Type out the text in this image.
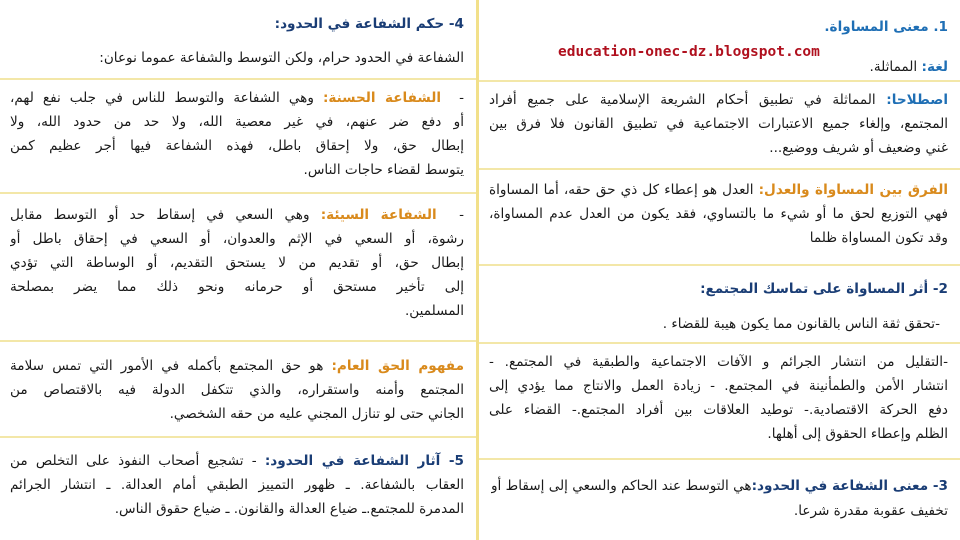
1. معنى المساواة.
لغة: المماثلة.
اصطلاحا: المماثلة في تطبيق أحكام الشريعة الإسلامية على جميع أفراد
المجتمع، وإلغاء جميع الاعتبارات الاجتماعية في تطبيق القانون فلا فرق بين
غني وضعيف أو شريف ووضيع...
الفرق بين المساواة والعدل: العدل هو إعطاء كل ذي حق حقه، أما المساواة
فهي التوزيع لحق ما أو شيء ما بالتساوي، فقد يكون من العدل عدم المساواة،
وقد تكون المساواة ظلما
2- أثر المساواة على تماسك المجتمع:
-تحقق ثقة الناس بالقانون مما يكون هيبة للقضاء .
-التقليل من انتشار الجرائم و الآفات الاجتماعية والطبقية في المجتمع. -
انتشار الأمن والطمأنينة في المجتمع. - زيادة العمل والانتاج مما يؤدي إلى
دفع الحركة الاقتصادية.- توطيد العلاقات بين أفراد المجتمع.- القضاء على
الظلم وإعطاء الحقوق إلى أهلها.
3- معنى الشفاعة في الحدود:هي التوسط عند الحاكم والسعي إلى إسقاط أو
تخفيف عقوبة مقدرة شرعا.
4- حكم الشفاعة في الحدود:
الشفاعة في الحدود حرام، ولكن التوسط والشفاعة عموما نوعان:
-  الشفاعة الحسنة: وهي الشفاعة والتوسط للناس في جلب نفع لهم،
أو دفع ضر عنهم، في غير معصية الله، ولا حد من حدود الله، ولا
إبطال حق، ولا إحقاق باطل، فهذه الشفاعة فيها أجر عظيم كمن
يتوسط لقضاء حاجات الناس.
-  الشفاعة السيئة: وهي السعي في إسقاط حد أو التوسط مقابل
رشوة، أو السعي في الإثم والعدوان، أو السعي في إحقاق باطل أو
إبطال حق، أو تقديم من لا يستحق التقديم، أو الوساطة التي تؤدي
إلى تأخير مستحق أو حرمانه ونحو ذلك مما يضر بمصلحة
المسلمين.
مفهوم الحق العام: هو حق المجتمع بأكمله في الأمور التي تمس سلامة
المجتمع وأمنه واستقراره، والذي تتكفل الدولة فيه بالاقتصاص من
الجاني حتى لو تنازل المجني عليه من حقه الشخصي.
5- آثار الشفاعة في الحدود: - تشجيع أصحاب النفوذ على التخلص من
العقاب بالشفاعة. ـ ظهور التمييز الطبقي أمام العدالة. ـ انتشار الجرائم
المدمرة للمجتمع.ـ ضياع العدالة والقانون. ـ ضياع حقوق الناس.
education-onec-dz.blogspot.com
